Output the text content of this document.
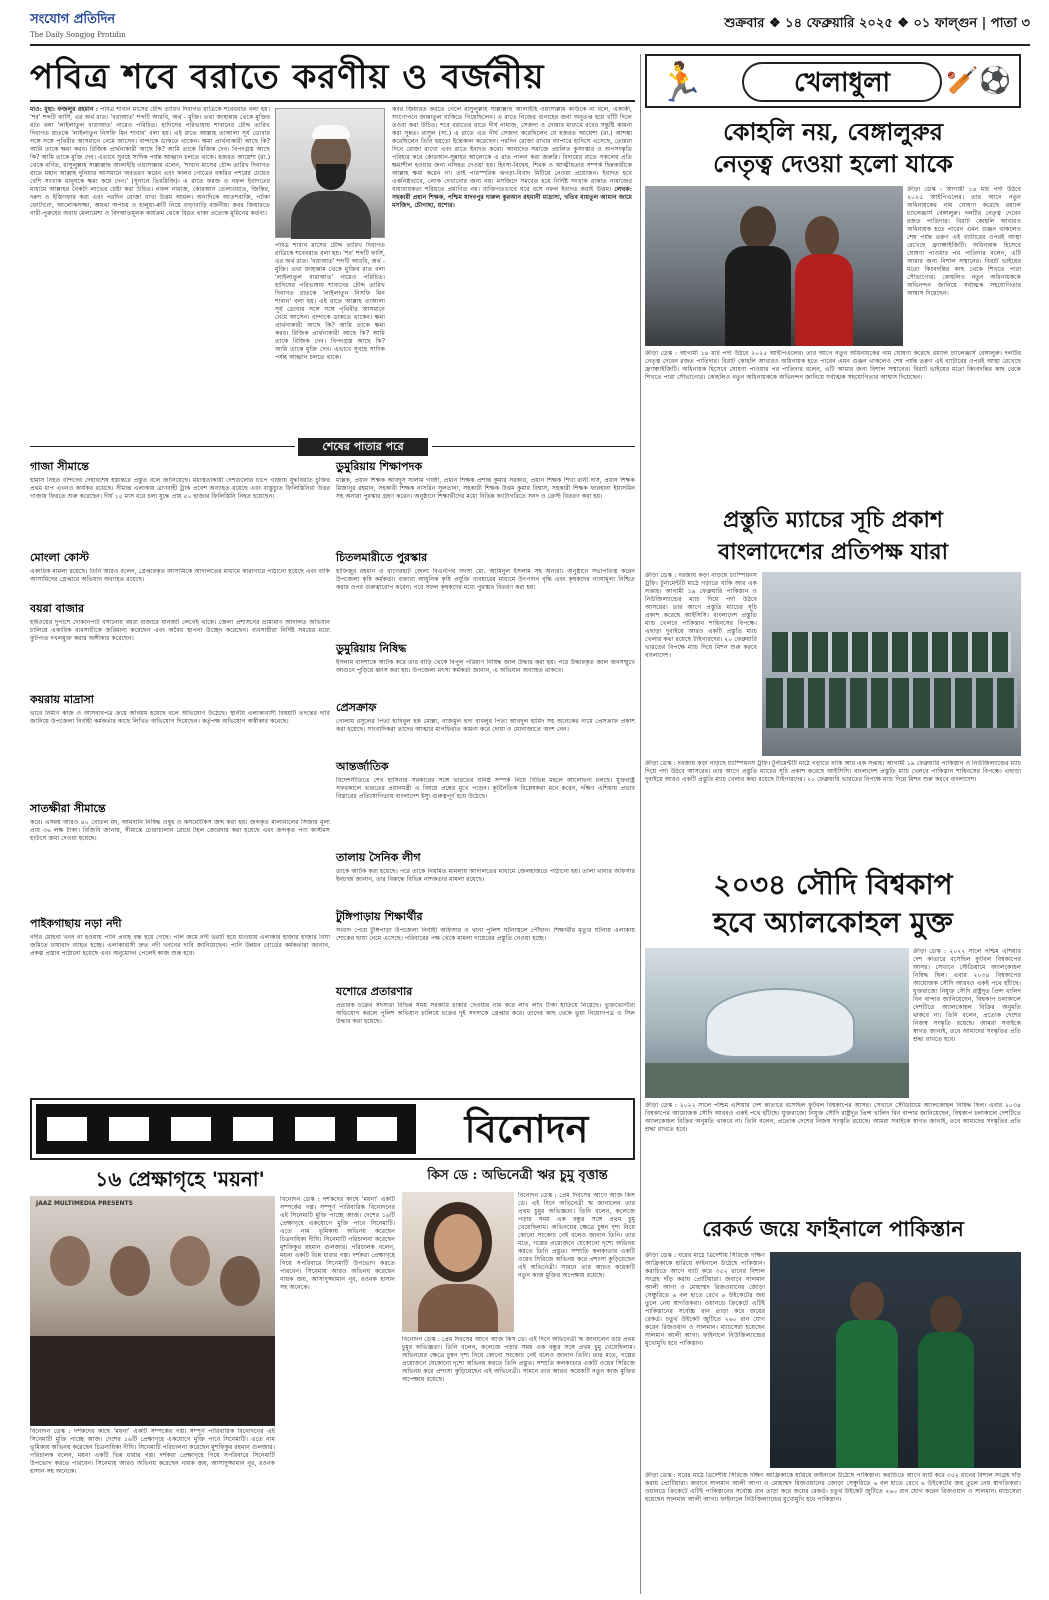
সংযোগ প্রতিদিন
The Daily Songjog Protidin
শুক্রবার ❖ ১৪ ফেব্রুয়ারি ২০২৫ ❖ ০১ ফাল্গুন | পাতা ৩
পবিত্র শবে বরাতে করণীয় ও বর্জনীয়
মাও: মুহা: ফজলুর রহমান : পবিত্র শাবান মাসের চৌদ্দ তারিখ দিবাগত রাত্রিকে শবেবরাত বলা হয়। 'শব' শব্দটি ফার্সি, এর অর্থ রাত। 'বরাআত' শব্দটি আরবি, অর্থ - মুক্তি। তথা জাহান্নাম থেকে মুক্তির রাত বলা 'লাইলাতুল বারাআত' নামেও পরিচিত। হাদিসের পরিভাষায় শাবানের চৌদ্দ তারিখ দিবাগত রাতকে 'লাইলাতুন নিসফি মিন শাবান' বলা হয়। এই রাতে আল্লাহ তাআলা সূর্য ডোবার সঙ্গে সঙ্গে পৃথিবীর আসমানে নেমে আসেন। বান্দাকে ডাকতে থাকেন। ক্ষমা প্রার্থনাকারী আছে কি? আমি তাকে ক্ষমা করব। রিজিক প্রার্থনাকারী আছে কি? আমি তাকে রিজিক দেব। বিপদগ্রস্ত আছে কি? আমি তাকে মুক্তি দেব। এভাবে সুবহে সাদিক পর্যন্ত আহ্বান চলতে থাকে। হজরত আয়েশা (রা.) থেকে বর্ণিত, রাসুলুল্লাহ সাল্লাল্লাহু আলাইহি ওয়াসাল্লাম বলেন, 'শাবান মাসের চৌদ্দ তারিখ দিবাগত রাতে মহান আল্লাহ দুনিয়ার আসমানে অবতরণ করেন এবং কালব গোত্রের বকরির পশমের চেয়েও বেশি সংখ্যক মানুষকে ক্ষমা করে দেন।' (সুনানে তিরমিজি)। এ রাতে ফরজ ও নফল ইবাদতের মাধ্যমে আল্লাহর নৈকট্য লাভের চেষ্টা করা উচিত। নফল নামাজ, কোরআন তেলাওয়াত, জিকির, দরুদ ও ইস্তিগফার করা এবং পরদিন রোজা রাখা উত্তম আমল। অন্যদিকে আতশবাজি, পটকা ফোটানো, আলোকসজ্জা, অযথা অপচয় ও হালুয়া-রুটি নিয়ে বাড়াবাড়ি বর্জনীয়। কবর জিয়ারতে নারী-পুরুষের অবাধ মেলামেশা ও বিদআতমূলক কার্যক্রম থেকে বিরত থাকা প্রত্যেক মুমিনের কর্তব্য।
পবিত্র শাবান মাসের চৌদ্দ তারিখ দিবাগত রাত্রিকে শবেবরাত বলা হয়। 'শব' শব্দটি ফার্সি, এর অর্থ রাত। 'বরাআত' শব্দটি আরবি, অর্থ - মুক্তি। তথা জাহান্নাম থেকে মুক্তির রাত বলা 'লাইলাতুল বারাআত' নামেও পরিচিত। হাদিসের পরিভাষায় শাবানের চৌদ্দ তারিখ দিবাগত রাতকে 'লাইলাতুন নিসফি মিন শাবান' বলা হয়। এই রাতে আল্লাহ তাআলা সূর্য ডোবার সঙ্গে সঙ্গে পৃথিবীর আসমানে নেমে আসেন। বান্দাকে ডাকতে থাকেন। ক্ষমা প্রার্থনাকারী আছে কি? আমি তাকে ক্ষমা করব। রিজিক প্রার্থনাকারী আছে কি? আমি তাকে রিজিক দেব। বিপদগ্রস্ত আছে কি? আমি তাকে মুক্তি দেব। এভাবে সুবহে সাদিক পর্যন্ত আহ্বান চলতে থাকে।
কবর জিয়ারত করতে গেলে রাসুলুল্লাহ সাল্লাল্লাহু আলাইহি ওয়াসাল্লাম কাউকে না বলে, একাকী, সংগোপনে জান্নাতুল বাকিতে গিয়েছিলেন। এ রাতে নিজের গুনাহের জন্য অনুতপ্ত হয়ে খাঁটি দিলে তওবা করা উচিত। শবে বরাতের রাতে দীর্ঘ নামাজ, সেজদা ও দোয়ার মাধ্যমে রবের সন্তুষ্টি কামনা করা সুন্নত। রাসুল (সা.) এ রাতে এত দীর্ঘ সেজদা করেছিলেন যে হজরত আয়েশা (রা.) আশঙ্কা করেছিলেন তিনি হয়তো ইন্তেকাল করেছেন। পরদিন রোজা রাখার ব্যাপারে হাদিসে এসেছে, তোমরা দিনে রোজা রাখো এবং রাতে ইবাদত করো। আমাদের সমাজে প্রচলিত কুসংস্কার ও অপসংস্কৃতি পরিহার করে কোরআন-সুন্নাহর আলোকে এ রাত পালন করা জরুরি। বিদায়ের রাতে সকলের প্রতি ক্ষমাশীল হওয়ার জন্য নসিহত দেওয়া হয়। হিংসা-বিদ্বেষ, শিরক ও আত্মীয়তার সম্পর্ক ছিন্নকারীকে আল্লাহ ক্ষমা করেন না। তাই পারস্পরিক ঝগড়া-বিবাদ মিটিয়ে নেওয়া প্রয়োজন। ইবাদত হবে একনিষ্ঠভাবে, লোক দেখানোর জন্য নয়। মসজিদে সমবেত হয়ে নির্দিষ্ট সংখ্যক রাকাত নামাজের বাধ্যবাধকতা শরিয়তে প্রমাণিত নয়। ব্যক্তিগতভাবে ঘরে বসে নফল ইবাদত করাই উত্তম। লেখক: সহকারী প্রধান শিক্ষক, পশ্চিম যাদবপুর দারুল কুরআন রহমানী মাদ্রাসা, খতিব বায়তুল আমান জামে মসজিদ, চৌগাছা, যশোর।
শেষের পাতার পরে
গাজা সীমান্তে
হামাস নিহত বন্দিদের দেহাবশেষ হস্তান্তরে প্রস্তুত বলে জানিয়েছে। মধ্যস্থতাকারী দেশগুলোর চাপে গাজায় যুদ্ধবিরতি চুক্তির প্রথম ধাপ এখনও কার্যকর রয়েছে। সীমান্ত এলাকায় ত্রাণবাহী ট্রাক প্রবেশ অব্যাহত রয়েছে এবং বাস্তুচ্যুত ফিলিস্তিনিরা উত্তর গাজায় ফিরতে শুরু করেছেন। দীর্ঘ ১৫ মাস ধরে চলা যুদ্ধে প্রায় ৫০ হাজার ফিলিস্তিনি নিহত হয়েছেন।
মোংলা কোস্ট
একাধিক মামলা রয়েছে। তিনি আরও বলেন, গ্রেপ্তারকৃত আসামিকে আদালতের মাধ্যমে কারাগারে পাঠানো হয়েছে এবং বাকি আসামিদের গ্রেপ্তারে অভিযান অব্যাহত রয়েছে।
বয়রা বাজার
হাইওয়ের দুপাশে দোকানপাট বসানোয় বয়রা বাজারে যানজট লেগেই থাকে। জেলা প্রশাসনের ভ্রাম্যমাণ আদালত অভিযান চালিয়ে একাধিক ব্যবসায়ীকে জরিমানা করেছেন এবং অবৈধ স্থাপনা উচ্ছেদ করেছেন। ব্যবসায়ীরা নির্দিষ্ট সময়ের মধ্যে ফুটপাত দখলমুক্ত করার অঙ্গীকার করেছেন।
কয়রায় মাদ্রাসা
ভাবে নির্মাণ কাজ ও আসবাবপত্র ক্রয়ে অনিয়ম হয়েছে বলে অভিযোগ উঠেছে। স্থানীয় এলাকাবাসী বিষয়টি তদন্তের দাবি জানিয়ে উপজেলা নির্বাহী কর্মকর্তার কাছে লিখিত অভিযোগ দিয়েছেন। কর্তৃপক্ষ অভিযোগ অস্বীকার করেছে।
সাতক্ষীরা সীমান্তে
করে। এসময় আরও ৪০ বোতল মদ, আমদানি নিষিদ্ধ ওষুধ ও কসমেটিকস জব্দ করা হয়। জব্দকৃত মালামালের সিজার মূল্য প্রায় ৩৬ লক্ষ টাকা। বিজিবি জানায়, সীমান্তে চোরাচালান রোধে টহল জোরদার করা হয়েছে এবং জব্দকৃত পণ্য কাস্টমস হাউসে জমা দেওয়া হয়েছে।
পাইকগাছায় নড়া নদী
নদীর মোহনা খনন না হওয়ায় পানি প্রবাহ বন্ধ হয়ে গেছে। পলি জমে নদী ভরাট হয়ে যাওয়ায় এলাকার হাজার হাজার বিঘা জমিতে চাষাবাদ ব্যাহত হচ্ছে। এলাকাবাসী দ্রুত নদী খননের দাবি জানিয়েছেন। পানি উন্নয়ন বোর্ডের কর্মকর্তারা জানান, প্রকল্প প্রস্তাব পাঠানো হয়েছে এবং অনুমোদন পেলেই কাজ শুরু হবে।
ডুমুরিয়ায় শিক্ষাপদক
মল্লিক, প্রধান শিক্ষক আবদুস সালাম গাজী, প্রধান শিক্ষক প্রশান্ত কুমার সরকার, প্রধান শিক্ষক শিখা রানী দাস, প্রধান শিক্ষক মিজানুর রহমান, সহকারী শিক্ষক নাসরিন সুলতানা, সহকারী শিক্ষক উত্তম কুমার বিশ্বাস, সহকারী শিক্ষক ফারহানা ইয়াসমিন সহ অন্যরা পুরস্কার গ্রহণ করেন। অনুষ্ঠানে শিক্ষার্থীদের মধ্যে বিভিন্ন ক্যাটাগরিতে সনদ ও ক্রেস্ট বিতরণ করা হয়।
চিতলমারীতে পুরস্কার
হাফিজুর রহমান ও বাগেরহাট জেলা বিএনপির সদস্য মো. আমিনুল ইসলাম সহ অন্যরা। অনুষ্ঠানে সভাপতিত্ব করেন উপজেলা কৃষি কর্মকর্তা। বক্তারা আধুনিক কৃষি প্রযুক্তি ব্যবহারের মাধ্যমে উৎপাদন বৃদ্ধি এবং কৃষকদের ন্যায্যমূল্য নিশ্চিত করার ওপর গুরুত্বারোপ করেন। পরে সফল কৃষকদের মধ্যে পুরস্কার বিতরণ করা হয়।
ডুমুরিয়ায় নিষিদ্ধ
ইসলাম বাদশাকে আটক করে তার বাড়ি থেকে বিপুল পরিমাণ নিষিদ্ধ জাল উদ্ধার করা হয়। পরে উদ্ধারকৃত জাল জনসম্মুখে আগুনে পুড়িয়ে ধ্বংস করা হয়। উপজেলা মৎস্য কর্মকর্তা জানান, এ অভিযান অব্যাহত থাকবে।
প্রেসক্রাফ
গোলাম রসুলের পিতা হাবিবুল হক মোল্লা, নাজমুল হুদা বাবলুর পিতা আবদুল হামিদ সহ অনেকের নামে প্রেসক্রাফ প্রকাশ করা হয়েছে। সাংবাদিকরা তাদের আত্মার মাগফিরাত কামনা করে দোয়া ও মোনাজাতে অংশ নেন।
আন্তর্জাতিক
বিদেশনীতিতে শেখ হাসিনার সরকারের সঙ্গে ভারতের ঘনিষ্ঠ সম্পর্ক নিয়ে বিভিন্ন মহলে আলোচনা চলছে। যুক্তরাষ্ট্র সফরকালে ভারতের প্রধানমন্ত্রী এ বিষয়ে প্রশ্নের মুখে পড়েন। কূটনৈতিক বিশ্লেষকরা মনে করেন, দক্ষিণ এশিয়ায় প্রভাব বিস্তারের প্রতিযোগিতায় বাংলাদেশ ইস্যু গুরুত্বপূর্ণ হয়ে উঠেছে।
তালায় সৈনিক লীগ
তাকে আটক করা হয়েছে। পরে তাকে নিয়মিত মামলায় আদালতের মাধ্যমে জেলহাজতে পাঠানো হয়। তালা থানার অফিসার ইনচার্জ জানান, তার বিরুদ্ধে বিভিন্ন নাশকতার মামলা রয়েছে।
টুঙ্গিপাড়ায় শিক্ষার্থীর
সংবাদ পেয়ে টুঙ্গিপাড়া উপজেলা নির্বাহী অফিসার ও থানা পুলিশ ঘটনাস্থলে পৌঁছান। শিক্ষার্থীর মৃত্যুর ঘটনায় এলাকায় শোকের ছায়া নেমে এসেছে। পরিবারের পক্ষ থেকে মামলা দায়েরের প্রস্তুতি নেওয়া হচ্ছে।
যশোরে প্রতারণার
প্রতারক চক্রের সদস্যরা বিভিন্ন সময় সরকারি চাকরি দেওয়ার নাম করে লাখ লাখ টাকা হাতিয়ে নিয়েছে। ভুক্তভোগীরা অভিযোগ করলে পুলিশ অভিযান চালিয়ে চক্রের দুই সদস্যকে গ্রেপ্তার করে। তাদের কাছ থেকে ভুয়া নিয়োগপত্র ও সিল উদ্ধার করা হয়েছে।
বিনোদন
১৬ প্রেক্ষাগৃহে 'ময়না'
JAAZ MULTIMEDIA PRESENTS
বিনোদন ডেস্ক : দর্শকদের কাছে 'ময়না' একটি সম্পর্কের গল্প। সম্পূর্ণ পারিবারিক বিনোদনের এই সিনেমাটি মুক্তি পাচ্ছে আজ। দেশের ১৬টি প্রেক্ষাগৃহে একযোগে মুক্তি পাবে সিনেমাটি। এতে নাম ভূমিকায় অভিনয় করেছেন চিত্রনায়িকা দীঘি। সিনেমাটি পরিচালনা করেছেন মুশফিকুর রহমান গুলজার। পরিচালক বলেন, ময়না একটি ভিন্ন ধারার গল্প। দর্শকরা প্রেক্ষাগৃহে গিয়ে সপরিবারে সিনেমাটি উপভোগ করতে পারবেন। সিনেমায় আরও অভিনয় করেছেন নায়ক জয়, আসাদুজ্জামান নূর, রওনক হাসান সহ অনেকে।
বিনোদন ডেস্ক : দর্শকদের কাছে 'ময়না' একটি সম্পর্কের গল্প। সম্পূর্ণ পারিবারিক বিনোদনের এই সিনেমাটি মুক্তি পাচ্ছে আজ। দেশের ১৬টি প্রেক্ষাগৃহে একযোগে মুক্তি পাবে সিনেমাটি। এতে নাম ভূমিকায় অভিনয় করেছেন চিত্রনায়িকা দীঘি। সিনেমাটি পরিচালনা করেছেন মুশফিকুর রহমান গুলজার। পরিচালক বলেন, ময়না একটি ভিন্ন ধারার গল্প। দর্শকরা প্রেক্ষাগৃহে গিয়ে সপরিবারে সিনেমাটি উপভোগ করতে পারবেন। সিনেমায় আরও অভিনয় করেছেন নায়ক জয়, আসাদুজ্জামান নূর, রওনক হাসান সহ অনেকে।
কিস ডে : অভিনেত্রী ঋর চুমু বৃত্তান্ত
বিনোদন ডেস্ক : প্রেম দিবসের আগে আজ কিস ডে। এই দিনে অভিনেত্রী ঋ জানালেন তার প্রথম চুমুর অভিজ্ঞতা। তিনি বলেন, কলেজে পড়ার সময় এক বন্ধুর সঙ্গে প্রথম চুমু খেয়েছিলাম। অভিনয়ের ক্ষেত্রে চুম্বন দৃশ্য নিয়ে কোনো সংকোচ নেই বলেও জানান তিনি। তার মতে, গল্পের প্রয়োজনে যেকোনো দৃশ্যে অভিনয় করতে তিনি প্রস্তুত। সম্প্রতি কলকাতার একটি ওয়েব সিরিজে অভিনয় করে প্রশংসা কুড়িয়েছেন এই অভিনেত্রী। সামনে তার আরও কয়েকটি নতুন কাজ মুক্তির অপেক্ষায় রয়েছে।
বিনোদন ডেস্ক : প্রেম দিবসের আগে আজ কিস ডে। এই দিনে অভিনেত্রী ঋ জানালেন তার প্রথম চুমুর অভিজ্ঞতা। তিনি বলেন, কলেজে পড়ার সময় এক বন্ধুর সঙ্গে প্রথম চুমু খেয়েছিলাম। অভিনয়ের ক্ষেত্রে চুম্বন দৃশ্য নিয়ে কোনো সংকোচ নেই বলেও জানান তিনি। তার মতে, গল্পের প্রয়োজনে যেকোনো দৃশ্যে অভিনয় করতে তিনি প্রস্তুত। সম্প্রতি কলকাতার একটি ওয়েব সিরিজে অভিনয় করে প্রশংসা কুড়িয়েছেন এই অভিনেত্রী। সামনে তার আরও কয়েকটি নতুন কাজ মুক্তির অপেক্ষায় রয়েছে।
🏃	খেলাধুলা	🏏⚽
কোহলি নয়, বেঙ্গালুরুর
নেতৃত্ব দেওয়া হলো যাকে
ক্রীড়া ডেস্ক : আগামী ১৪ মার্চ পর্দা উঠবে ২০২৫ আইপিএলের। তার আগে নতুন অধিনায়কের নাম ঘোষণা করেছে রয়্যাল চ্যালেঞ্জার্স বেঙ্গালুরু। দলটির নেতৃত্ব দেবেন রজত পাতিদার। বিরাট কোহলি আবারও অধিনায়ক হতে পারেন এমন গুঞ্জন থাকলেও শেষ পর্যন্ত তরুণ এই ব্যাটারের ওপরই আস্থা রেখেছে ফ্র্যাঞ্চাইজিটি। অধিনায়ক হিসেবে ঘোষণা পাওয়ার পর পাতিদার বলেন, এটি আমার জন্য বিশাল সম্মানের। বিরাট ভাইয়ের মতো কিংবদন্তির কাছ থেকে শিখতে পারা সৌভাগ্যের। কোহলিও নতুন অধিনায়ককে অভিনন্দন জানিয়ে সর্বাত্মক সহযোগিতার আশ্বাস দিয়েছেন।
ক্রীড়া ডেস্ক : আগামী ১৪ মার্চ পর্দা উঠবে ২০২৫ আইপিএলের। তার আগে নতুন অধিনায়কের নাম ঘোষণা করেছে রয়্যাল চ্যালেঞ্জার্স বেঙ্গালুরু। দলটির নেতৃত্ব দেবেন রজত পাতিদার। বিরাট কোহলি আবারও অধিনায়ক হতে পারেন এমন গুঞ্জন থাকলেও শেষ পর্যন্ত তরুণ এই ব্যাটারের ওপরই আস্থা রেখেছে ফ্র্যাঞ্চাইজিটি। অধিনায়ক হিসেবে ঘোষণা পাওয়ার পর পাতিদার বলেন, এটি আমার জন্য বিশাল সম্মানের। বিরাট ভাইয়ের মতো কিংবদন্তির কাছ থেকে শিখতে পারা সৌভাগ্যের। কোহলিও নতুন অধিনায়ককে অভিনন্দন জানিয়ে সর্বাত্মক সহযোগিতার আশ্বাস দিয়েছেন।
প্রস্তুতি ম্যাচের সূচি প্রকাশ
বাংলাদেশের প্রতিপক্ষ যারা
ক্রীড়া ডেস্ক : দরজায় কড়া নাড়ছে চ্যাম্পিয়নস ট্রফি। টুর্নামেন্টটি মাঠে গড়াতে বাকি আর এক সপ্তাহ। আগামী ১৯ ফেব্রুয়ারি পাকিস্তান ও নিউজিল্যান্ডের ম্যাচ দিয়ে পর্দা উঠবে আসরের। তার আগে প্রস্তুতি ম্যাচের সূচি প্রকাশ করেছে আইসিসি। বাংলাদেশ প্রস্তুতি ম্যাচ খেলবে পাকিস্তান শাহিনসের বিপক্ষে। এছাড়া দুবাইয়ে আরও একটি প্রস্তুতি ম্যাচ খেলার কথা রয়েছে টাইগারদের। ২০ ফেব্রুয়ারি ভারতের বিপক্ষে ম্যাচ দিয়ে মিশন শুরু করবে বাংলাদেশ।
ক্রীড়া ডেস্ক : দরজায় কড়া নাড়ছে চ্যাম্পিয়নস ট্রফি। টুর্নামেন্টটি মাঠে গড়াতে বাকি আর এক সপ্তাহ। আগামী ১৯ ফেব্রুয়ারি পাকিস্তান ও নিউজিল্যান্ডের ম্যাচ দিয়ে পর্দা উঠবে আসরের। তার আগে প্রস্তুতি ম্যাচের সূচি প্রকাশ করেছে আইসিসি। বাংলাদেশ প্রস্তুতি ম্যাচ খেলবে পাকিস্তান শাহিনসের বিপক্ষে। এছাড়া দুবাইয়ে আরও একটি প্রস্তুতি ম্যাচ খেলার কথা রয়েছে টাইগারদের। ২০ ফেব্রুয়ারি ভারতের বিপক্ষে ম্যাচ দিয়ে মিশন শুরু করবে বাংলাদেশ।
২০৩৪ সৌদি বিশ্বকাপ
হবে অ্যালকোহল মুক্ত
ক্রীড়া ডেস্ক : ২০২২ সালে পশ্চিম এশিয়ার দেশ কাতারে বসেছিল ফুটবল বিশ্বকাপের আসর। সেখানে স্টেডিয়ামে অ্যালকোহল নিষিদ্ধ ছিল। এবার ২০৩৪ বিশ্বকাপের আয়োজক সৌদি আরবও একই পথে হাঁটছে। যুক্তরাজ্যে নিযুক্ত সৌদি রাষ্ট্রদূত প্রিন্স খালিদ বিন বান্দার জানিয়েছেন, বিশ্বকাপ চলাকালে দেশটিতে অ্যালকোহল বিক্রির অনুমতি থাকবে না। তিনি বলেন, প্রত্যেক দেশের নিজস্ব সংস্কৃতি রয়েছে। আমরা সবাইকে স্বাগত জানাই, তবে আমাদের সংস্কৃতির প্রতি শ্রদ্ধা রাখতে হবে।
ক্রীড়া ডেস্ক : ২০২২ সালে পশ্চিম এশিয়ার দেশ কাতারে বসেছিল ফুটবল বিশ্বকাপের আসর। সেখানে স্টেডিয়ামে অ্যালকোহল নিষিদ্ধ ছিল। এবার ২০৩৪ বিশ্বকাপের আয়োজক সৌদি আরবও একই পথে হাঁটছে। যুক্তরাজ্যে নিযুক্ত সৌদি রাষ্ট্রদূত প্রিন্স খালিদ বিন বান্দার জানিয়েছেন, বিশ্বকাপ চলাকালে দেশটিতে অ্যালকোহল বিক্রির অনুমতি থাকবে না। তিনি বলেন, প্রত্যেক দেশের নিজস্ব সংস্কৃতি রয়েছে। আমরা সবাইকে স্বাগত জানাই, তবে আমাদের সংস্কৃতির প্রতি শ্রদ্ধা রাখতে হবে।
রেকর্ড জয়ে ফাইনালে পাকিস্তান
ক্রীড়া ডেস্ক : ঘরের মাঠে ত্রিদেশীয় সিরিজে দক্ষিণ আফ্রিকাকে হারিয়ে ফাইনালে উঠেছে পাকিস্তান। করাচিতে আগে ব্যাট করে ৩৫২ রানের বিশাল সংগ্রহ দাঁড় করায় প্রোটিয়ারা। জবাবে সালমান আলী আগা ও মোহাম্মদ রিজওয়ানের জোড়া সেঞ্চুরিতে ৬ বল হাতে রেখে ৬ উইকেটের জয় তুলে নেয় স্বাগতিকরা। ওয়ানডে ক্রিকেটে এটিই পাকিস্তানের সর্বোচ্চ রান তাড়া করে জয়ের রেকর্ড। চতুর্থ উইকেট জুটিতে ২৬০ রান যোগ করেন রিজওয়ান ও সালমান। ম্যাচসেরা হয়েছেন সালমান আলী আগা। ফাইনালে নিউজিল্যান্ডের মুখোমুখি হবে পাকিস্তান।
ক্রীড়া ডেস্ক : ঘরের মাঠে ত্রিদেশীয় সিরিজে দক্ষিণ আফ্রিকাকে হারিয়ে ফাইনালে উঠেছে পাকিস্তান। করাচিতে আগে ব্যাট করে ৩৫২ রানের বিশাল সংগ্রহ দাঁড় করায় প্রোটিয়ারা। জবাবে সালমান আলী আগা ও মোহাম্মদ রিজওয়ানের জোড়া সেঞ্চুরিতে ৬ বল হাতে রেখে ৬ উইকেটের জয় তুলে নেয় স্বাগতিকরা। ওয়ানডে ক্রিকেটে এটিই পাকিস্তানের সর্বোচ্চ রান তাড়া করে জয়ের রেকর্ড। চতুর্থ উইকেট জুটিতে ২৬০ রান যোগ করেন রিজওয়ান ও সালমান। ম্যাচসেরা হয়েছেন সালমান আলী আগা। ফাইনালে নিউজিল্যান্ডের মুখোমুখি হবে পাকিস্তান।
